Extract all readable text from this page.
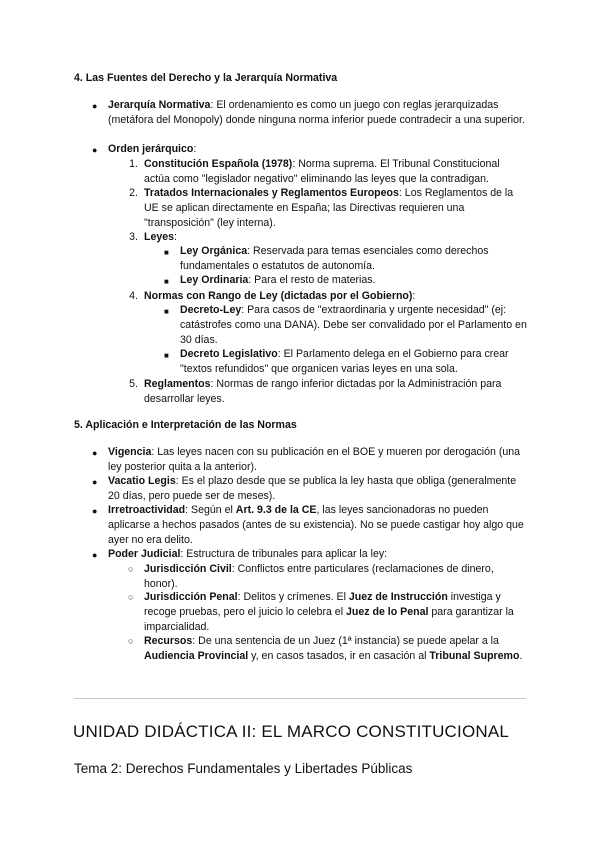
4. Las Fuentes del Derecho y la Jerarquía Normativa
● Jerarquía Normativa: El ordenamiento es como un juego con reglas jerarquizadas (metáfora del Monopoly) donde ninguna norma inferior puede contradecir a una superior.
● Orden jerárquico:
1. Constitución Española (1978): Norma suprema. El Tribunal Constitucional actúa como "legislador negativo" eliminando las leyes que la contradigan.
2. Tratados Internacionales y Reglamentos Europeos: Los Reglamentos de la UE se aplican directamente en España; las Directivas requieren una "transposición" (ley interna).
3. Leyes:
■ Ley Orgánica: Reservada para temas esenciales como derechos fundamentales o estatutos de autonomía.
■ Ley Ordinaria: Para el resto de materias.
4. Normas con Rango de Ley (dictadas por el Gobierno):
■ Decreto-Ley: Para casos de "extraordinaria y urgente necesidad" (ej: catástrofes como una DANA). Debe ser convalidado por el Parlamento en 30 días.
■ Decreto Legislativo: El Parlamento delega en el Gobierno para crear "textos refundidos" que organicen varias leyes en una sola.
5. Reglamentos: Normas de rango inferior dictadas por la Administración para desarrollar leyes.
5. Aplicación e Interpretación de las Normas
● Vigencia: Las leyes nacen con su publicación en el BOE y mueren por derogación (una ley posterior quita a la anterior).
● Vacatio Legis: Es el plazo desde que se publica la ley hasta que obliga (generalmente 20 días, pero puede ser de meses).
● Irretroactividad: Según el Art. 9.3 de la CE, las leyes sancionadoras no pueden aplicarse a hechos pasados (antes de su existencia). No se puede castigar hoy algo que ayer no era delito.
● Poder Judicial: Estructura de tribunales para aplicar la ley:
○ Jurisdicción Civil: Conflictos entre particulares (reclamaciones de dinero, honor).
○ Jurisdicción Penal: Delitos y crímenes. El Juez de Instrucción investiga y recoge pruebas, pero el juicio lo celebra el Juez de lo Penal para garantizar la imparcialidad.
○ Recursos: De una sentencia de un Juez (1ª instancia) se puede apelar a la Audiencia Provincial y, en casos tasados, ir en casación al Tribunal Supremo.
UNIDAD DIDÁCTICA II: EL MARCO CONSTITUCIONAL
Tema 2: Derechos Fundamentales y Libertades Públicas
